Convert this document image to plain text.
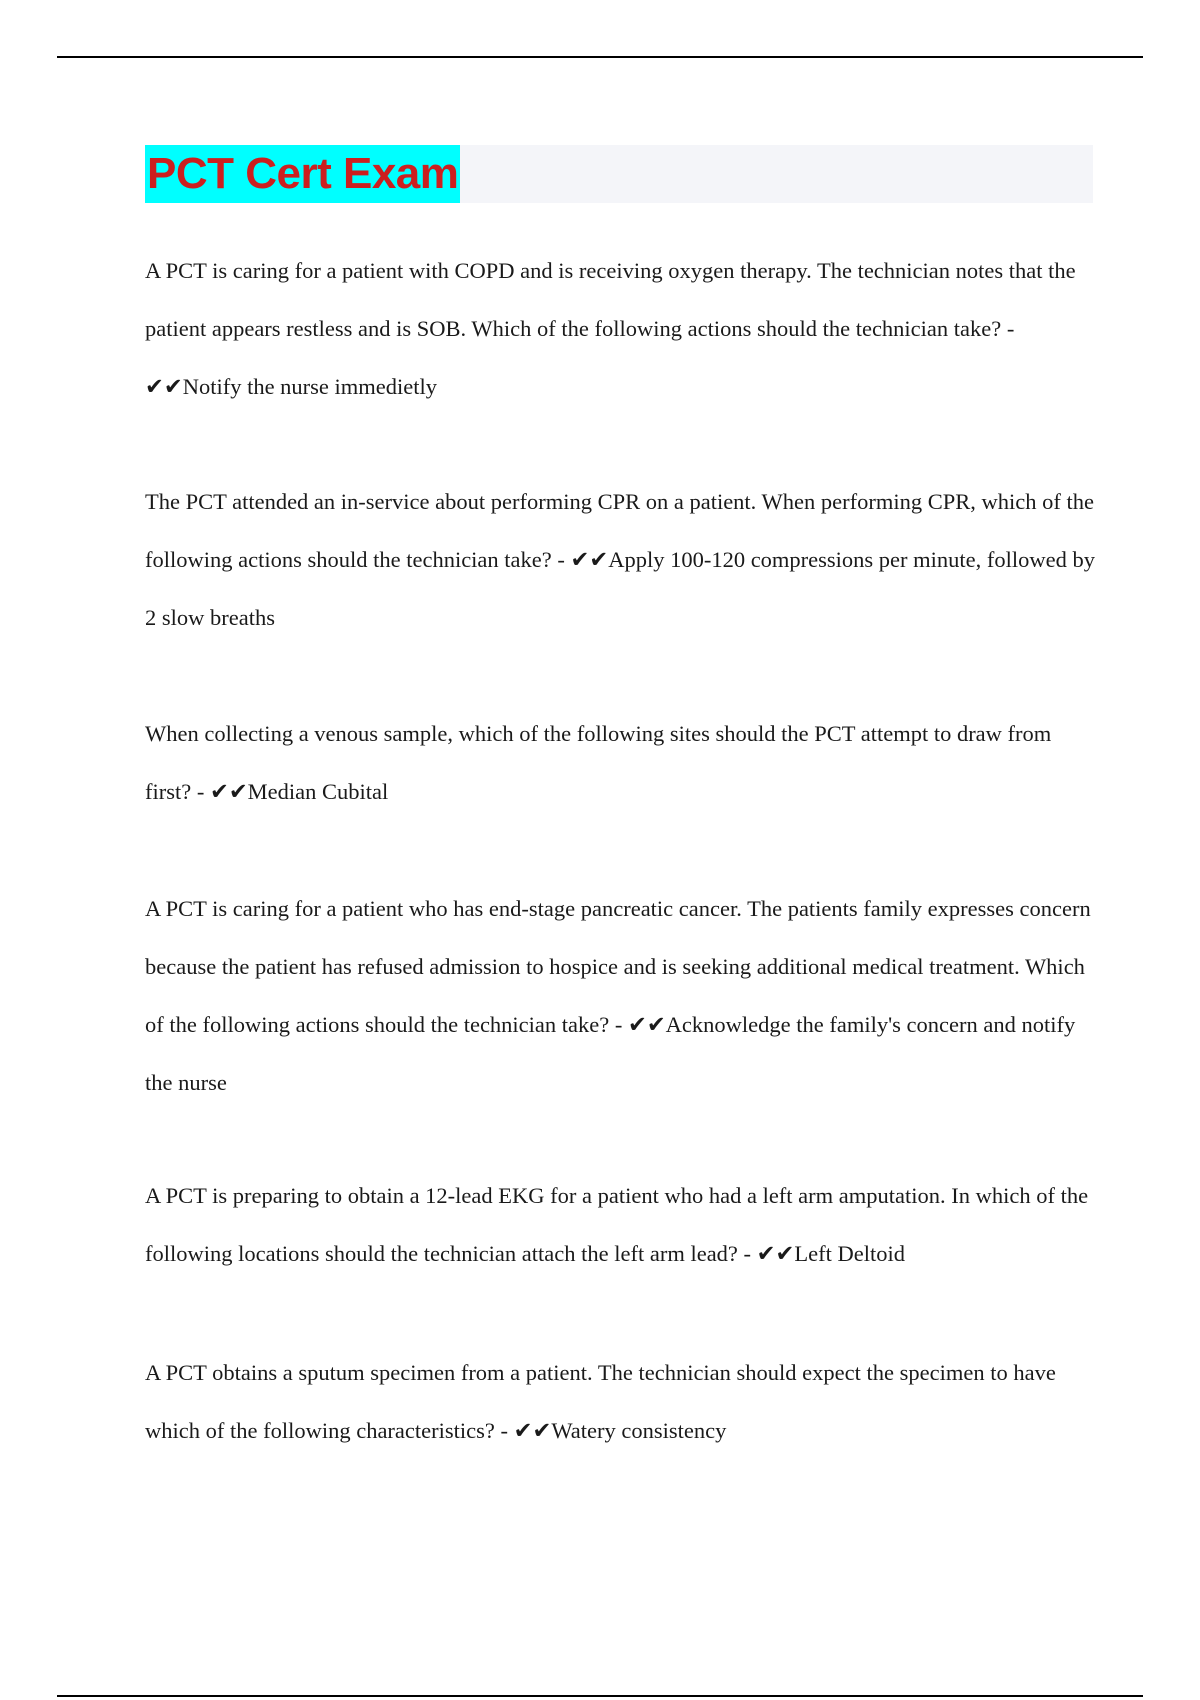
PCT Cert Exam

A PCT is caring for a patient with COPD and is receiving oxygen therapy. The technician notes that the patient appears restless and is SOB. Which of the following actions should the technician take? - ✔✔Notify the nurse immedietly

The PCT attended an in-service about performing CPR on a patient. When performing CPR, which of the following actions should the technician take? - ✔✔Apply 100-120 compressions per minute, followed by 2 slow breaths

When collecting a venous sample, which of the following sites should the PCT attempt to draw from first? - ✔✔Median Cubital

A PCT is caring for a patient who has end-stage pancreatic cancer. The patients family expresses concern because the patient has refused admission to hospice and is seeking additional medical treatment. Which of the following actions should the technician take? - ✔✔Acknowledge the family's concern and notify the nurse

A PCT is preparing to obtain a 12-lead EKG for a patient who had a left arm amputation. In which of the following locations should the technician attach the left arm lead? - ✔✔Left Deltoid

A PCT obtains a sputum specimen from a patient. The technician should expect the specimen to have which of the following characteristics? - ✔✔Watery consistency
